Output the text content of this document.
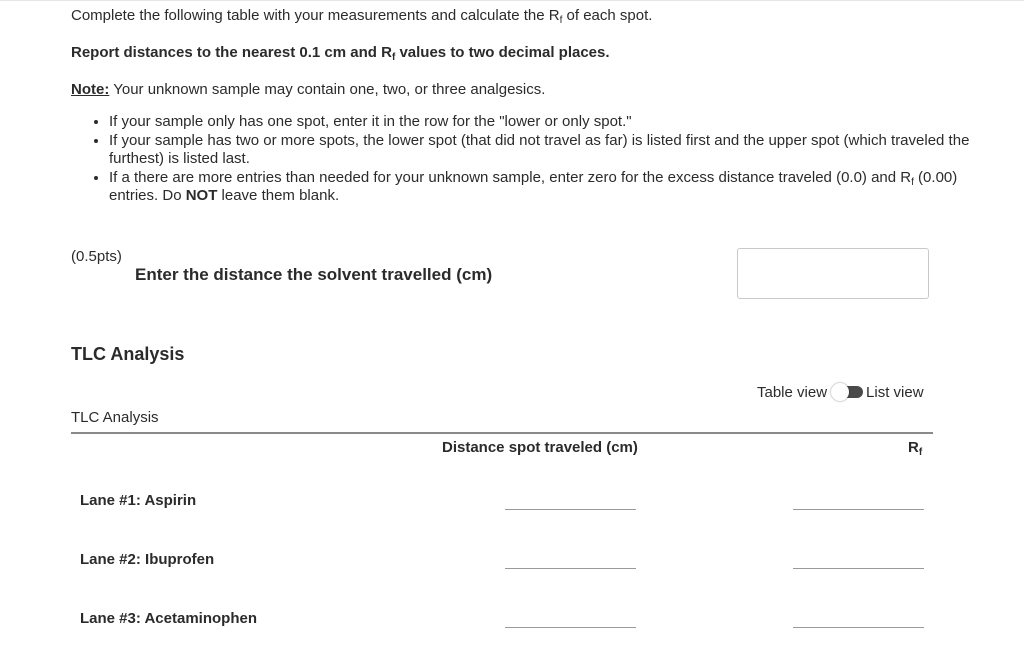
Complete the following table with your measurements and calculate the $R_f$ of each spot.
Report distances to the nearest 0.1 cm and $R_f$ values to two decimal places.
Note: Your unknown sample may contain one, two, or three analgesics.
• If your sample only has one spot, enter it in the row for the "lower or only spot."
• If your sample has two or more spots, the lower spot (that did not travel as far) is listed first and the upper spot (which traveled the furthest) is listed last.
• If a there are more entries than needed for your unknown sample, enter zero for the excess distance traveled (0.0) and $R_f$ (0.00) entries. Do NOT leave them blank.
(0.5pts)
Enter the distance the solvent travelled (cm)
TLC Analysis
Table view	List view
TLC Analysis
Distance spot traveled (cm)	$R_f$
Lane #1: Aspirin
Lane #2: Ibuprofen
Lane #3: Acetaminophen
